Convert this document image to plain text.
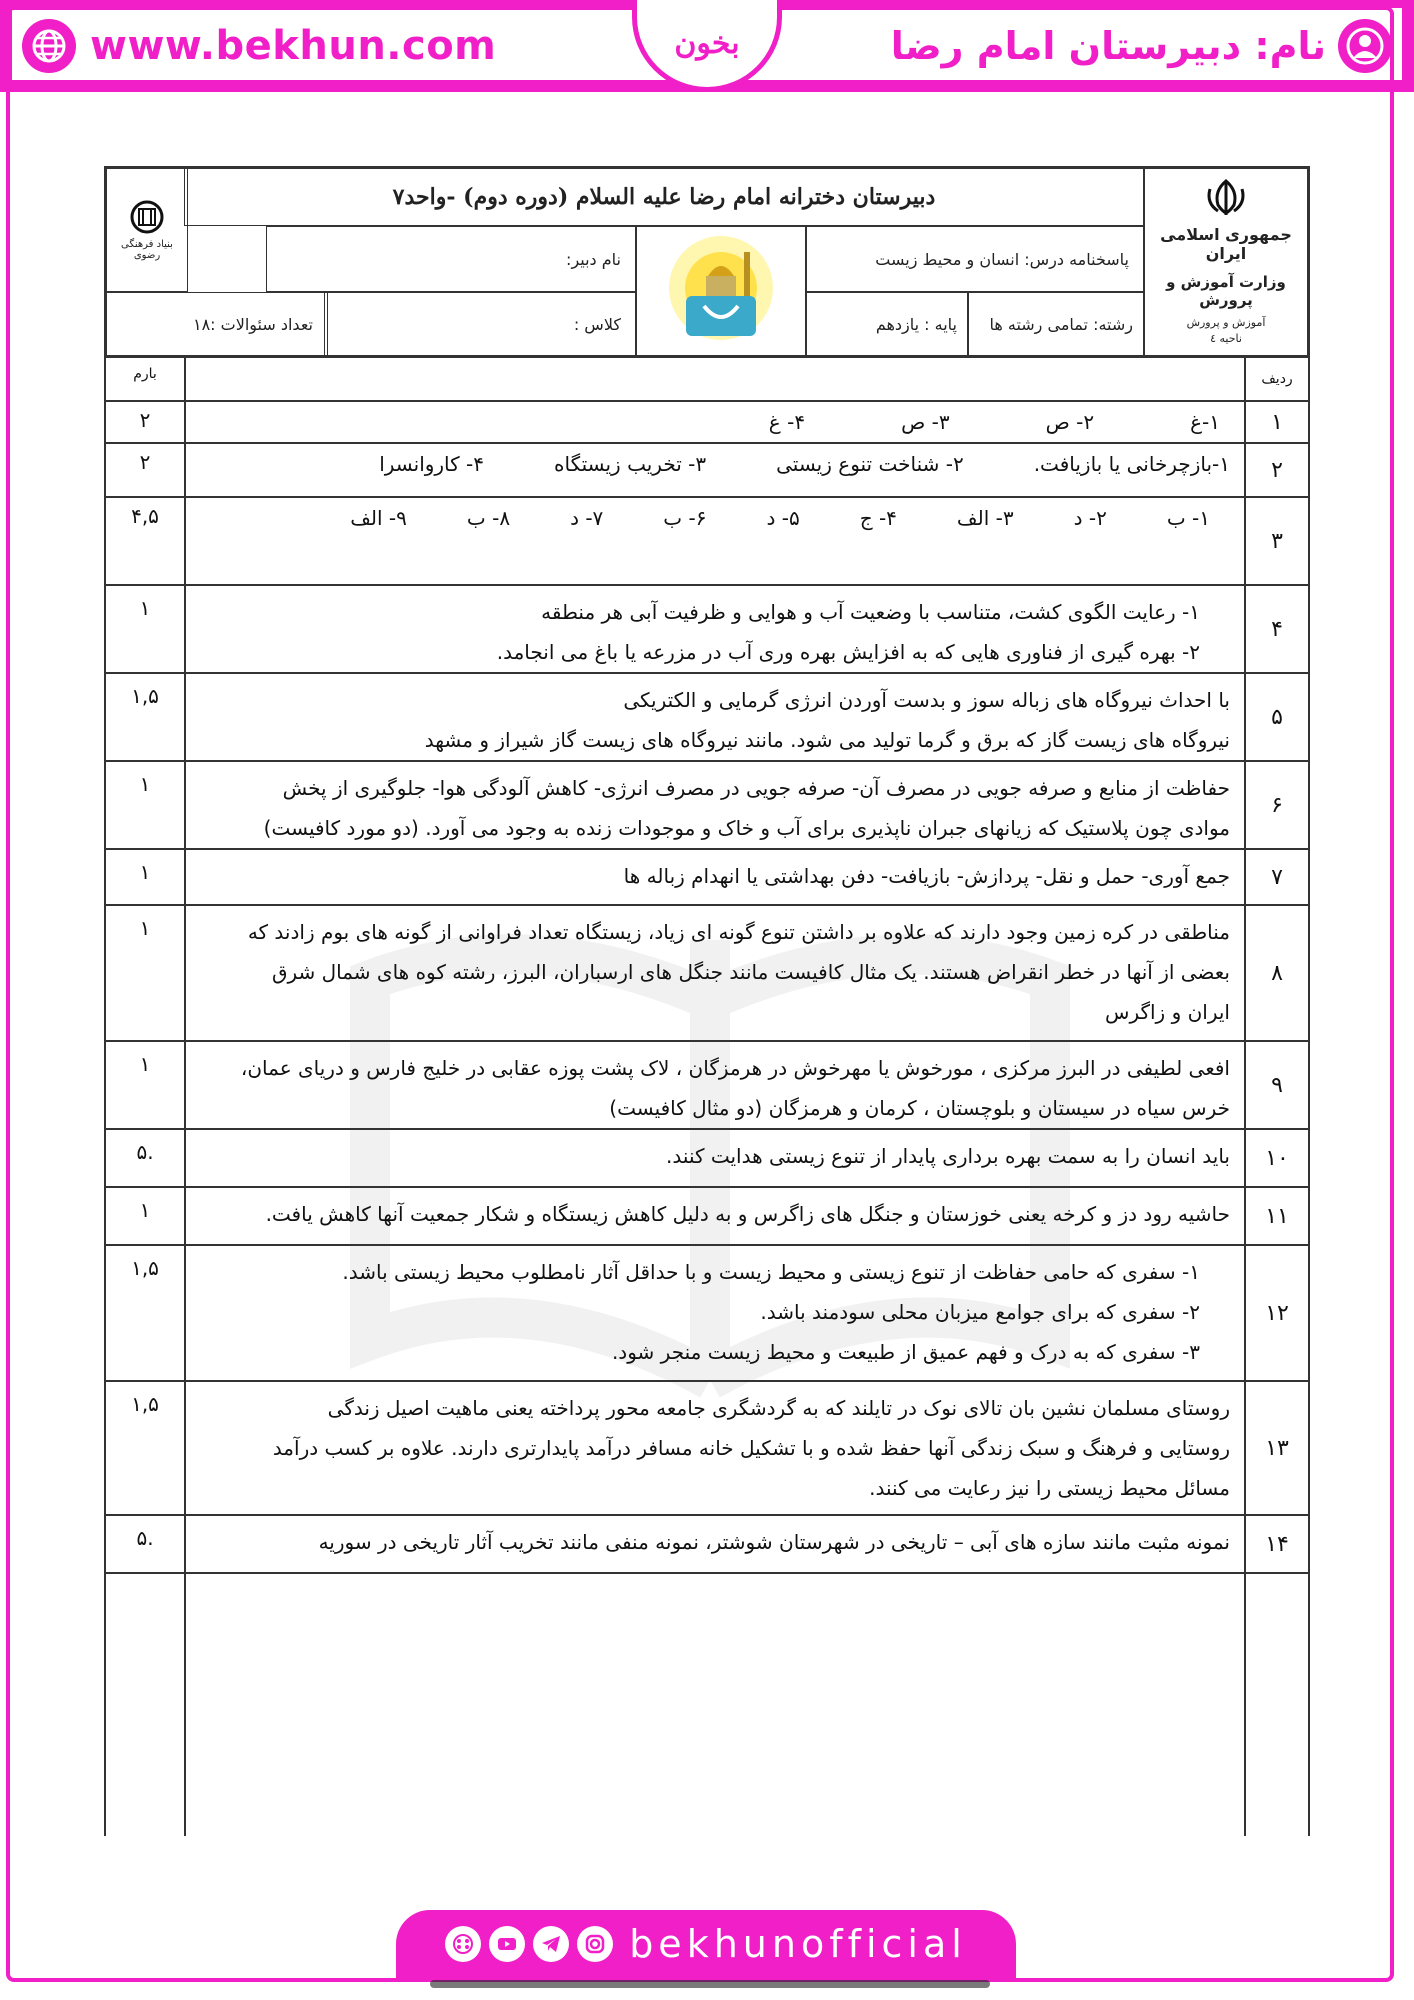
www.bekhun.com	بخون	نام: دبیرستان امام رضا
جمهوری اسلامی ایران
وزارت آموزش و پرورش
آموزش و پرورش ناحیه ٤
دبیرستان دخترانه امام رضا علیه السلام (دوره دوم) -واحد۷
بنیاد فرهنگی رضوی	پاسخنامه درس: انسان و محیط زیست
نام دبیر:
رشته: تمامی رشته ها
پایه : یازدهم
کلاس :
تعداد سئوالات :۱۸
ردیف
بارم
۱
۲	۱-غ
۲- ص
۳- ص
۴- غ
۲
۲	۱-بازچرخانی یا بازیافت.
۲- شناخت تنوع زیستی
۳- تخریب زیستگاه
۴- کاروانسرا
۳
۴,۵	۱- ب
۲- د
۳- الف
۴- ج
۵- د
۶- ب
۷- د
۸- ب
۹- الف
۴
۱	۱- رعایت الگوی کشت، متناسب با وضعیت آب و هوایی و ظرفیت آبی هر منطقه
۲- بهره گیری از فناوری هایی که به افزایش بهره وری آب در مزرعه یا باغ می انجامد.
۵
۱,۵	با احداث نیروگاه های زباله سوز و بدست آوردن انرژی گرمایی و الکتریکی
نیروگاه های زیست گاز که برق و گرما تولید می شود. مانند نیروگاه های زیست گاز شیراز و مشهد
۶
۱	حفاظت از منابع و صرفه جویی در مصرف آن- صرفه جویی در مصرف انرژی- کاهش آلودگی هوا- جلوگیری از پخش
موادی چون پلاستیک که زیانهای جبران ناپذیری برای آب و خاک و موجودات زنده به وجود می آورد. (دو مورد کافیست)
۷
۱	جمع آوری- حمل و نقل- پردازش- بازیافت- دفن بهداشتی یا انهدام زباله ها
۸
۱	مناطقی در کره زمین وجود دارند که علاوه بر داشتن تنوع گونه ای زیاد، زیستگاه تعداد فراوانی از گونه های بوم زادند که
بعضی از آنها در خطر انقراض هستند. یک مثال کافیست مانند جنگل های ارسباران، البرز، رشته کوه های شمال شرق
ایران و زاگرس
۹
۱	افعی لطیفی در البرز مرکزی ، مورخوش یا مهرخوش در هرمزگان ، لاک پشت پوزه عقابی در خلیج فارس و دریای عمان،
خرس سیاه در سیستان و بلوچستان ، کرمان و هرمزگان (دو مثال کافیست)
۱۰
.۵	باید انسان را به سمت بهره برداری پایدار از تنوع زیستی هدایت کنند.
۱۱
۱	حاشیه رود دز و کرخه یعنی خوزستان و جنگل های زاگرس و به دلیل کاهش زیستگاه و شکار جمعیت آنها کاهش یافت.
۱۲
۱,۵	۱- سفری که حامی حفاظت از تنوع زیستی و محیط زیست و با حداقل آثار نامطلوب محیط زیستی باشد.
۲- سفری که برای جوامع میزبان محلی سودمند باشد.
۳- سفری که به درک و فهم عمیق از طبیعت و محیط زیست منجر شود.
۱۳
۱,۵	روستای مسلمان نشین بان تالای نوک در تایلند که به گردشگری جامعه محور پرداخته یعنی ماهیت اصیل زندگی
روستایی و فرهنگ و سبک زندگی آنها حفظ شده و با تشکیل خانه مسافر درآمد پایدارتری دارند. علاوه بر کسب درآمد
مسائل محیط زیستی را نیز رعایت می کنند.
۱۴
.۵	نمونه مثبت مانند سازه های آبی – تاریخی در شهرستان شوشتر، نمونه منفی مانند تخریب آثار تاریخی در سوریه
bekhunofficial
